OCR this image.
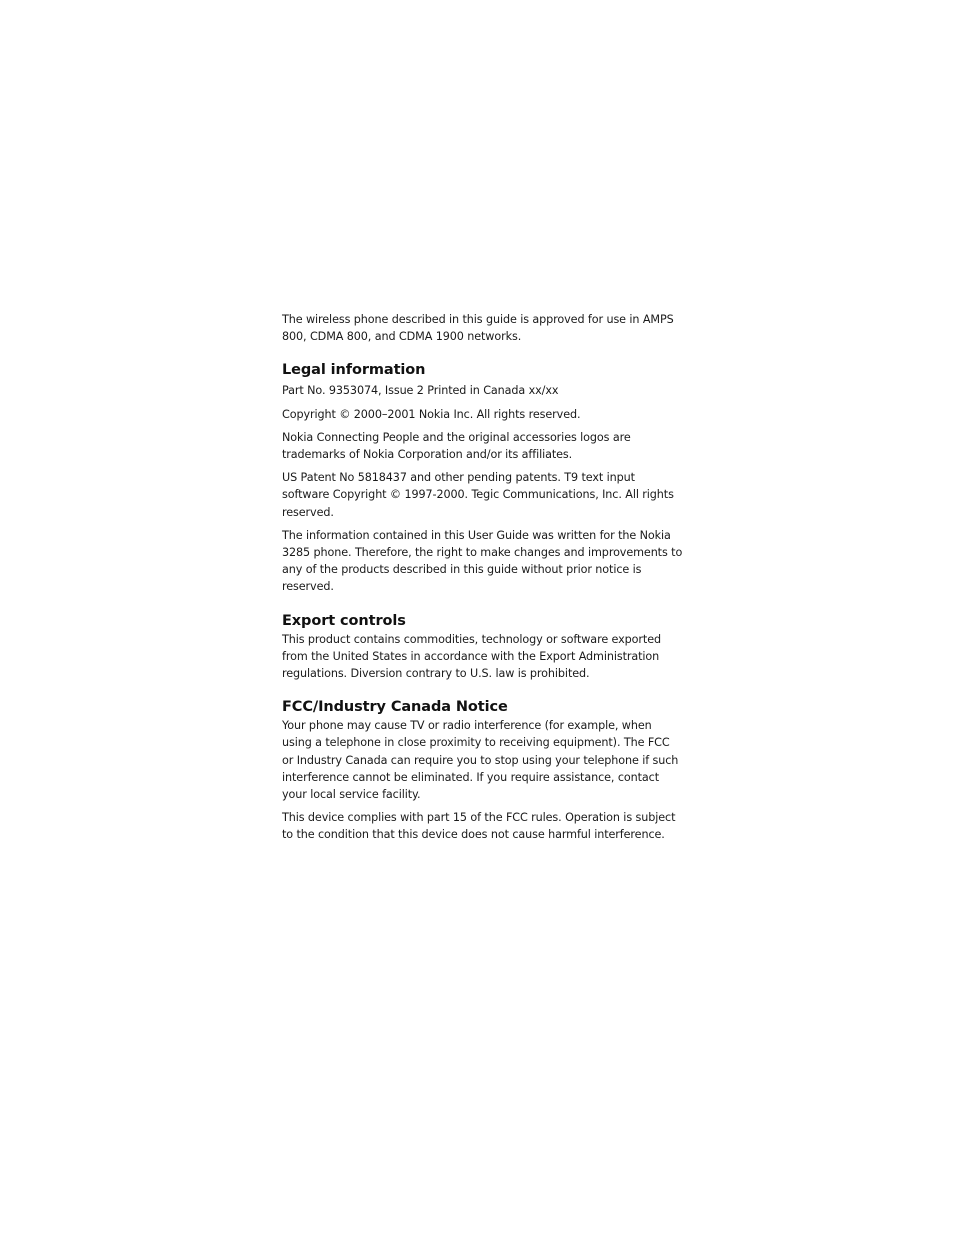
The wireless phone described in this guide is approved for use in AMPS 800, CDMA 800, and CDMA 1900 networks.

Legal information

Part No. 9353074, Issue 2 Printed in Canada xx/xx

Copyright © 2000–2001 Nokia Inc. All rights reserved.

Nokia Connecting People and the original accessories logos are trademarks of Nokia Corporation and/or its affiliates.

US Patent No 5818437 and other pending patents. T9 text input software Copyright © 1997-2000. Tegic Communications, Inc. All rights reserved.

The information contained in this User Guide was written for the Nokia 3285 phone. Therefore, the right to make changes and improvements to any of the products described in this guide without prior notice is reserved.

Export controls

This product contains commodities, technology or software exported from the United States in accordance with the Export Administration regulations. Diversion contrary to U.S. law is prohibited.

FCC/Industry Canada Notice

Your phone may cause TV or radio interference (for example, when using a telephone in close proximity to receiving equipment). The FCC or Industry Canada can require you to stop using your telephone if such interference cannot be eliminated. If you require assistance, contact your local service facility.

This device complies with part 15 of the FCC rules. Operation is subject to the condition that this device does not cause harmful interference.
